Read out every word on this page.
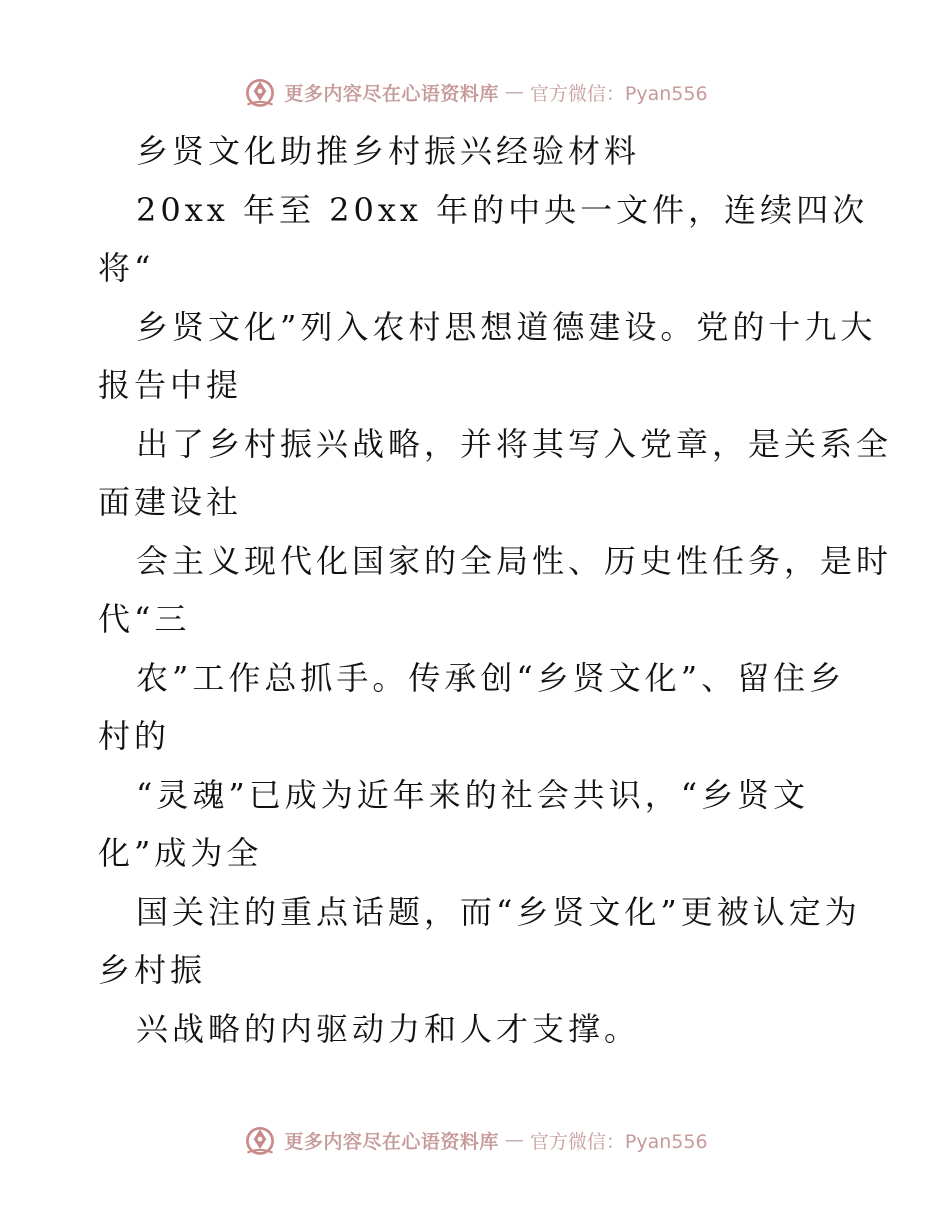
更多内容尽在心语资料库 — 官方微信：Pyan556
乡贤文化助推乡村振兴经验材料
20xx 年至 20xx 年的中央一文件，连续四次
将“
乡贤文化”列入农村思想道德建设。党的十九大
报告中提
出了乡村振兴战略，并将其写入党章，是关系全
面建设社
会主义现代化国家的全局性、历史性任务，是时
代“三
农”工作总抓手。传承创“乡贤文化”、留住乡
村的
“灵魂”已成为近年来的社会共识，“乡贤文
化”成为全
国关注的重点话题，而“乡贤文化”更被认定为
乡村振
兴战略的内驱动力和人才支撑。
更多内容尽在心语资料库 — 官方微信：Pyan556
